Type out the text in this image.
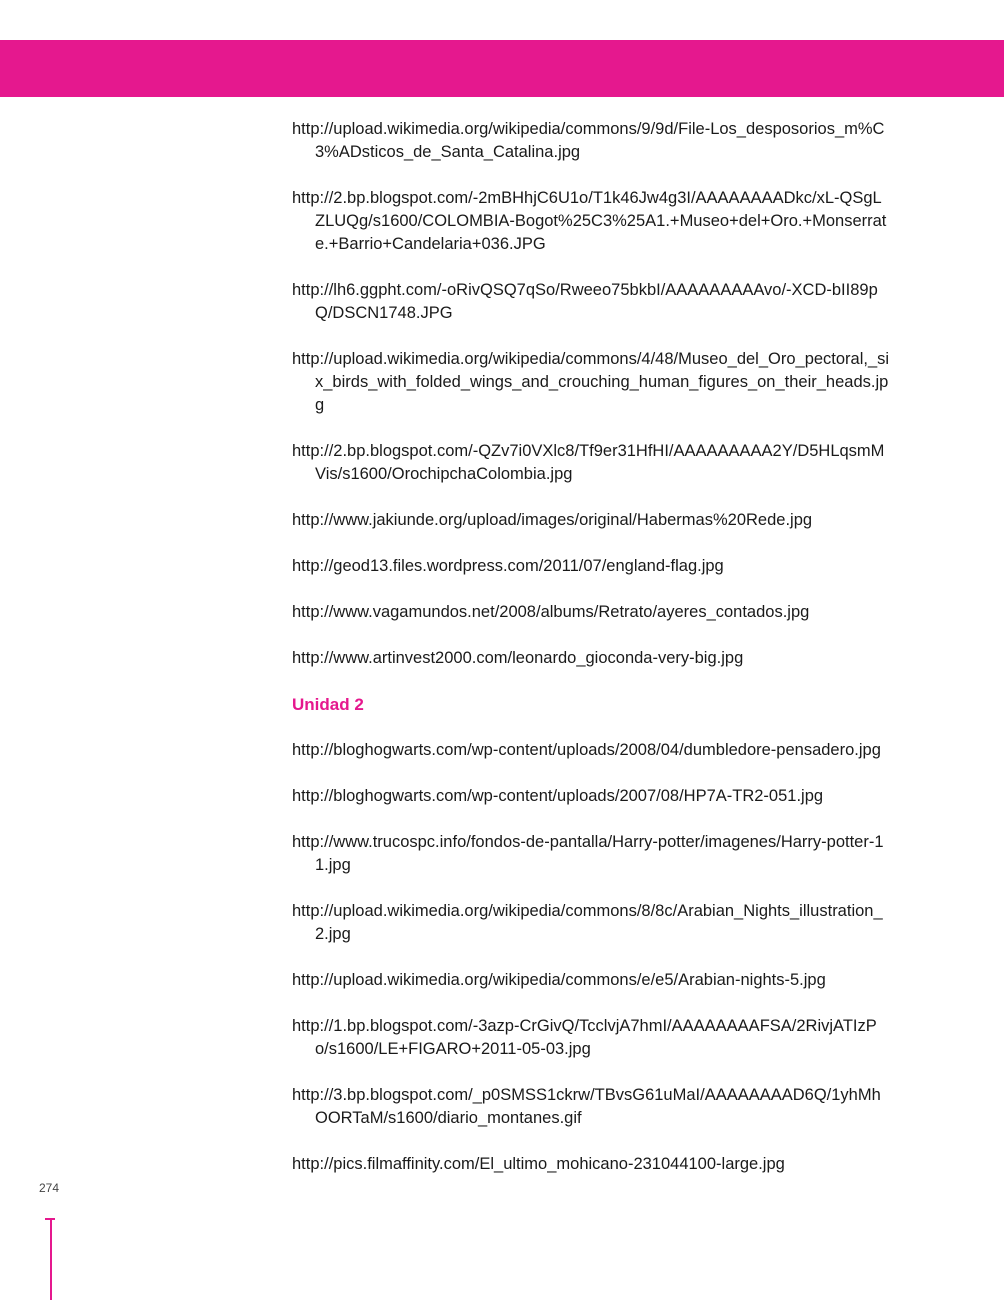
http://upload.wikimedia.org/wikipedia/commons/9/9d/File-Los_desposorios_m%C3%ADsticos_de_Santa_Catalina.jpg

http://2.bp.blogspot.com/-2mBHhjC6U1o/T1k46Jw4g3I/AAAAAAAADkc/xL-QSgLZLUQg/s1600/COLOMBIA-Bogot%25C3%25A1.+Museo+del+Oro.+Monserrate.+Barrio+Candelaria+036.JPG

http://lh6.ggpht.com/-oRivQSQ7qSo/Rweeo75bkbI/AAAAAAAAAvo/-XCD-bII89pQ/DSCN1748.JPG

http://upload.wikimedia.org/wikipedia/commons/4/48/Museo_del_Oro_pectoral,_six_birds_with_folded_wings_and_crouching_human_figures_on_their_heads.jpg

http://2.bp.blogspot.com/-QZv7i0VXlc8/Tf9er31HfHI/AAAAAAAAA2Y/D5HLqsmMVis/s1600/OrochipchaColombia.jpg

http://www.jakiunde.org/upload/images/original/Habermas%20Rede.jpg

http://geod13.files.wordpress.com/2011/07/england-flag.jpg

http://www.vagamundos.net/2008/albums/Retrato/ayeres_contados.jpg

http://www.artinvest2000.com/leonardo_gioconda-very-big.jpg

Unidad 2

http://bloghogwarts.com/wp-content/uploads/2008/04/dumbledore-pensadero.jpg

http://bloghogwarts.com/wp-content/uploads/2007/08/HP7A-TR2-051.jpg

http://www.trucospc.info/fondos-de-pantalla/Harry-potter/imagenes/Harry-potter-11.jpg

http://upload.wikimedia.org/wikipedia/commons/8/8c/Arabian_Nights_illustration_2.jpg

http://upload.wikimedia.org/wikipedia/commons/e/e5/Arabian-nights-5.jpg

http://1.bp.blogspot.com/-3azp-CrGivQ/TcclvjA7hmI/AAAAAAAAFSA/2RivjATIzPo/s1600/LE+FIGARO+2011-05-03.jpg

http://3.bp.blogspot.com/_p0SMSS1ckrw/TBvsG61uMaI/AAAAAAAAD6Q/1yhMhOORTaM/s1600/diario_montanes.gif

http://pics.filmaffinity.com/El_ultimo_mohicano-231044100-large.jpg

274
